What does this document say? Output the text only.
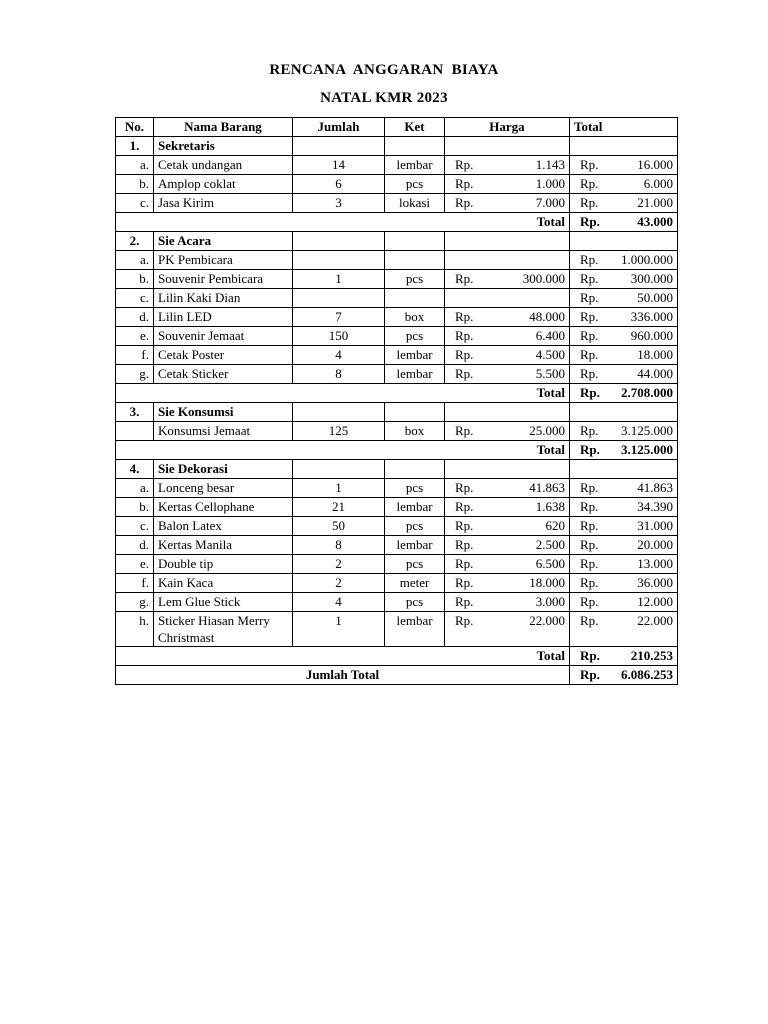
RENCANA ANGGARAN BIAYA
NATAL KMR 2023
No.	Nama Barang	Jumlah	Ket	Harga	Total
1.	Sekretaris				
a.	Cetak undangan	14	lembar	Rp. 1.143	Rp. 16.000

b.	Amplop coklat	6	pcs	Rp. 1.000	Rp. 6.000

c.	Jasa Kirim	3	lokasi	Rp. 7.000	Rp. 21.000

Total					Rp. 43.000

2.	Sie Acara				
a.	PK Pembicara				Rp. 1.000.000

b.	Souvenir Pembicara	1	pcs	Rp. 300.000	Rp. 300.000

c.	Lilin Kaki Dian				Rp. 50.000

d.	Lilin LED	7	box	Rp. 48.000	Rp. 336.000

e.	Souvenir Jemaat	150	pcs	Rp. 6.400	Rp. 960.000

f.	Cetak Poster	4	lembar	Rp. 4.500	Rp. 18.000

g.	Cetak Sticker	8	lembar	Rp. 5.500	Rp. 44.000

Total					Rp. 2.708.000

3.	Sie Konsumsi				
	Konsumsi Jemaat	125	box	Rp. 25.000	Rp. 3.125.000

Total					Rp. 3.125.000

4.	Sie Dekorasi				
a.	Lonceng besar	1	pcs	Rp. 41.863	Rp. 41.863

b.	Kertas Cellophane	21	lembar	Rp. 1.638	Rp. 34.390

c.	Balon Latex	50	pcs	Rp. 620	Rp. 31.000

d.	Kertas Manila	8	lembar	Rp. 2.500	Rp. 20.000

e.	Double tip	2	pcs	Rp. 6.500	Rp. 13.000

f.	Kain Kaca	2	meter	Rp. 18.000	Rp. 36.000

g.	Lem Glue Stick	4	pcs	Rp. 3.000	Rp. 12.000

h.	Sticker Hiasan Merry Christmast	1	lembar	Rp. 22.000	Rp. 22.000

Total					Rp. 210.253

Jumlah Total					Rp. 6.086.253
